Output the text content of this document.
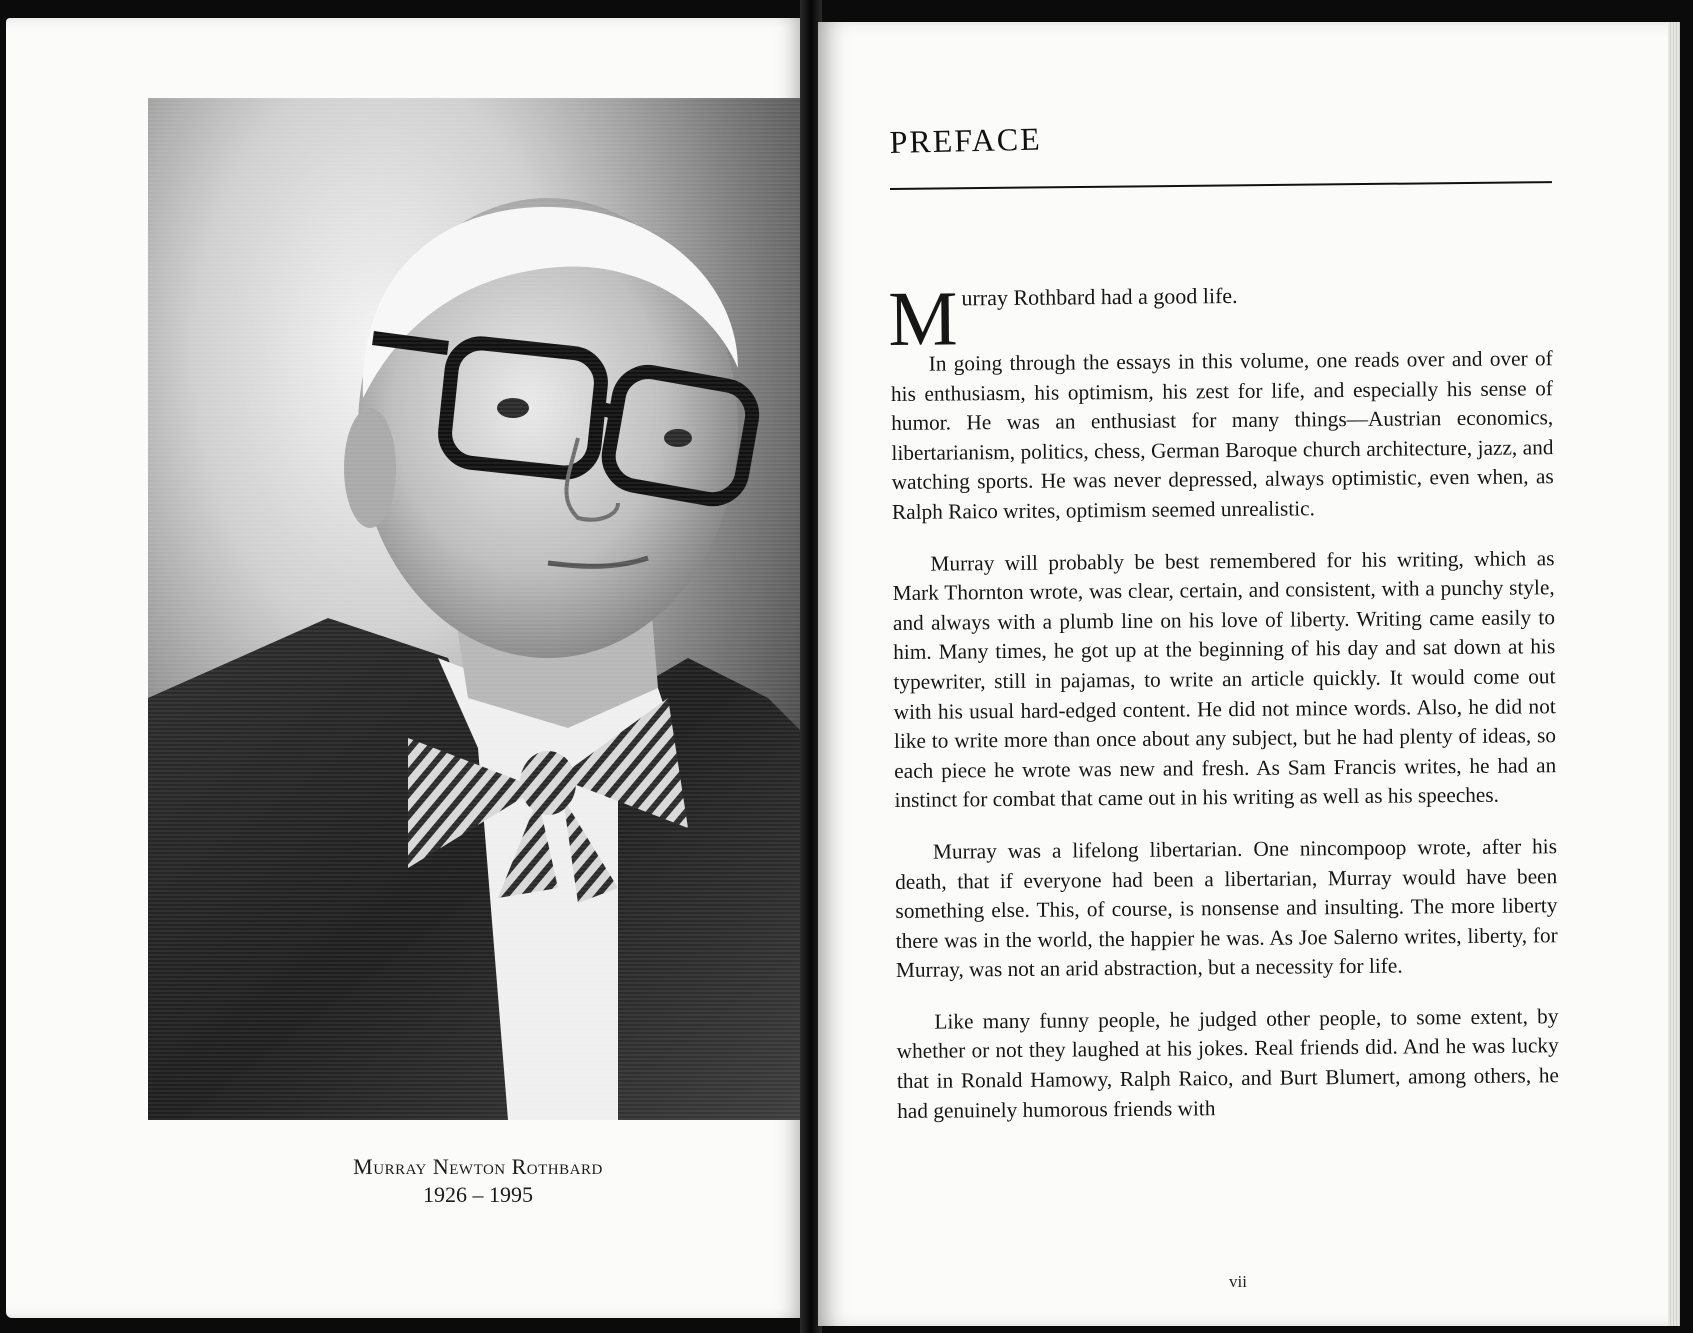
Murray Newton Rothbard
1926 – 1995
PREFACE

Murray Rothbard had a good life.

In going through the essays in this volume, one reads over and over of his enthusiasm, his optimism, his zest for life, and especially his sense of humor. He was an enthusiast for many things—Austrian economics, libertarianism, politics, chess, German Baroque church architecture, jazz, and watching sports. He was never depressed, always optimistic, even when, as Ralph Raico writes, optimism seemed unrealistic.

Murray will probably be best remembered for his writing, which as Mark Thornton wrote, was clear, certain, and consistent, with a punchy style, and always with a plumb line on his love of liberty. Writing came easily to him. Many times, he got up at the beginning of his day and sat down at his typewriter, still in pajamas, to write an article quickly. It would come out with his usual hard-edged content. He did not mince words. Also, he did not like to write more than once about any subject, but he had plenty of ideas, so each piece he wrote was new and fresh. As Sam Francis writes, he had an instinct for combat that came out in his writing as well as his speeches.

Murray was a lifelong libertarian. One nincompoop wrote, after his death, that if everyone had been a libertarian, Murray would have been something else. This, of course, is nonsense and insulting. The more liberty there was in the world, the happier he was. As Joe Salerno writes, liberty, for Murray, was not an arid abstraction, but a necessity for life.

Like many funny people, he judged other people, to some extent, by whether or not they laughed at his jokes. Real friends did. And he was lucky that in Ronald Hamowy, Ralph Raico, and Burt Blumert, among others, he had genuinely humorous friends with

vii
